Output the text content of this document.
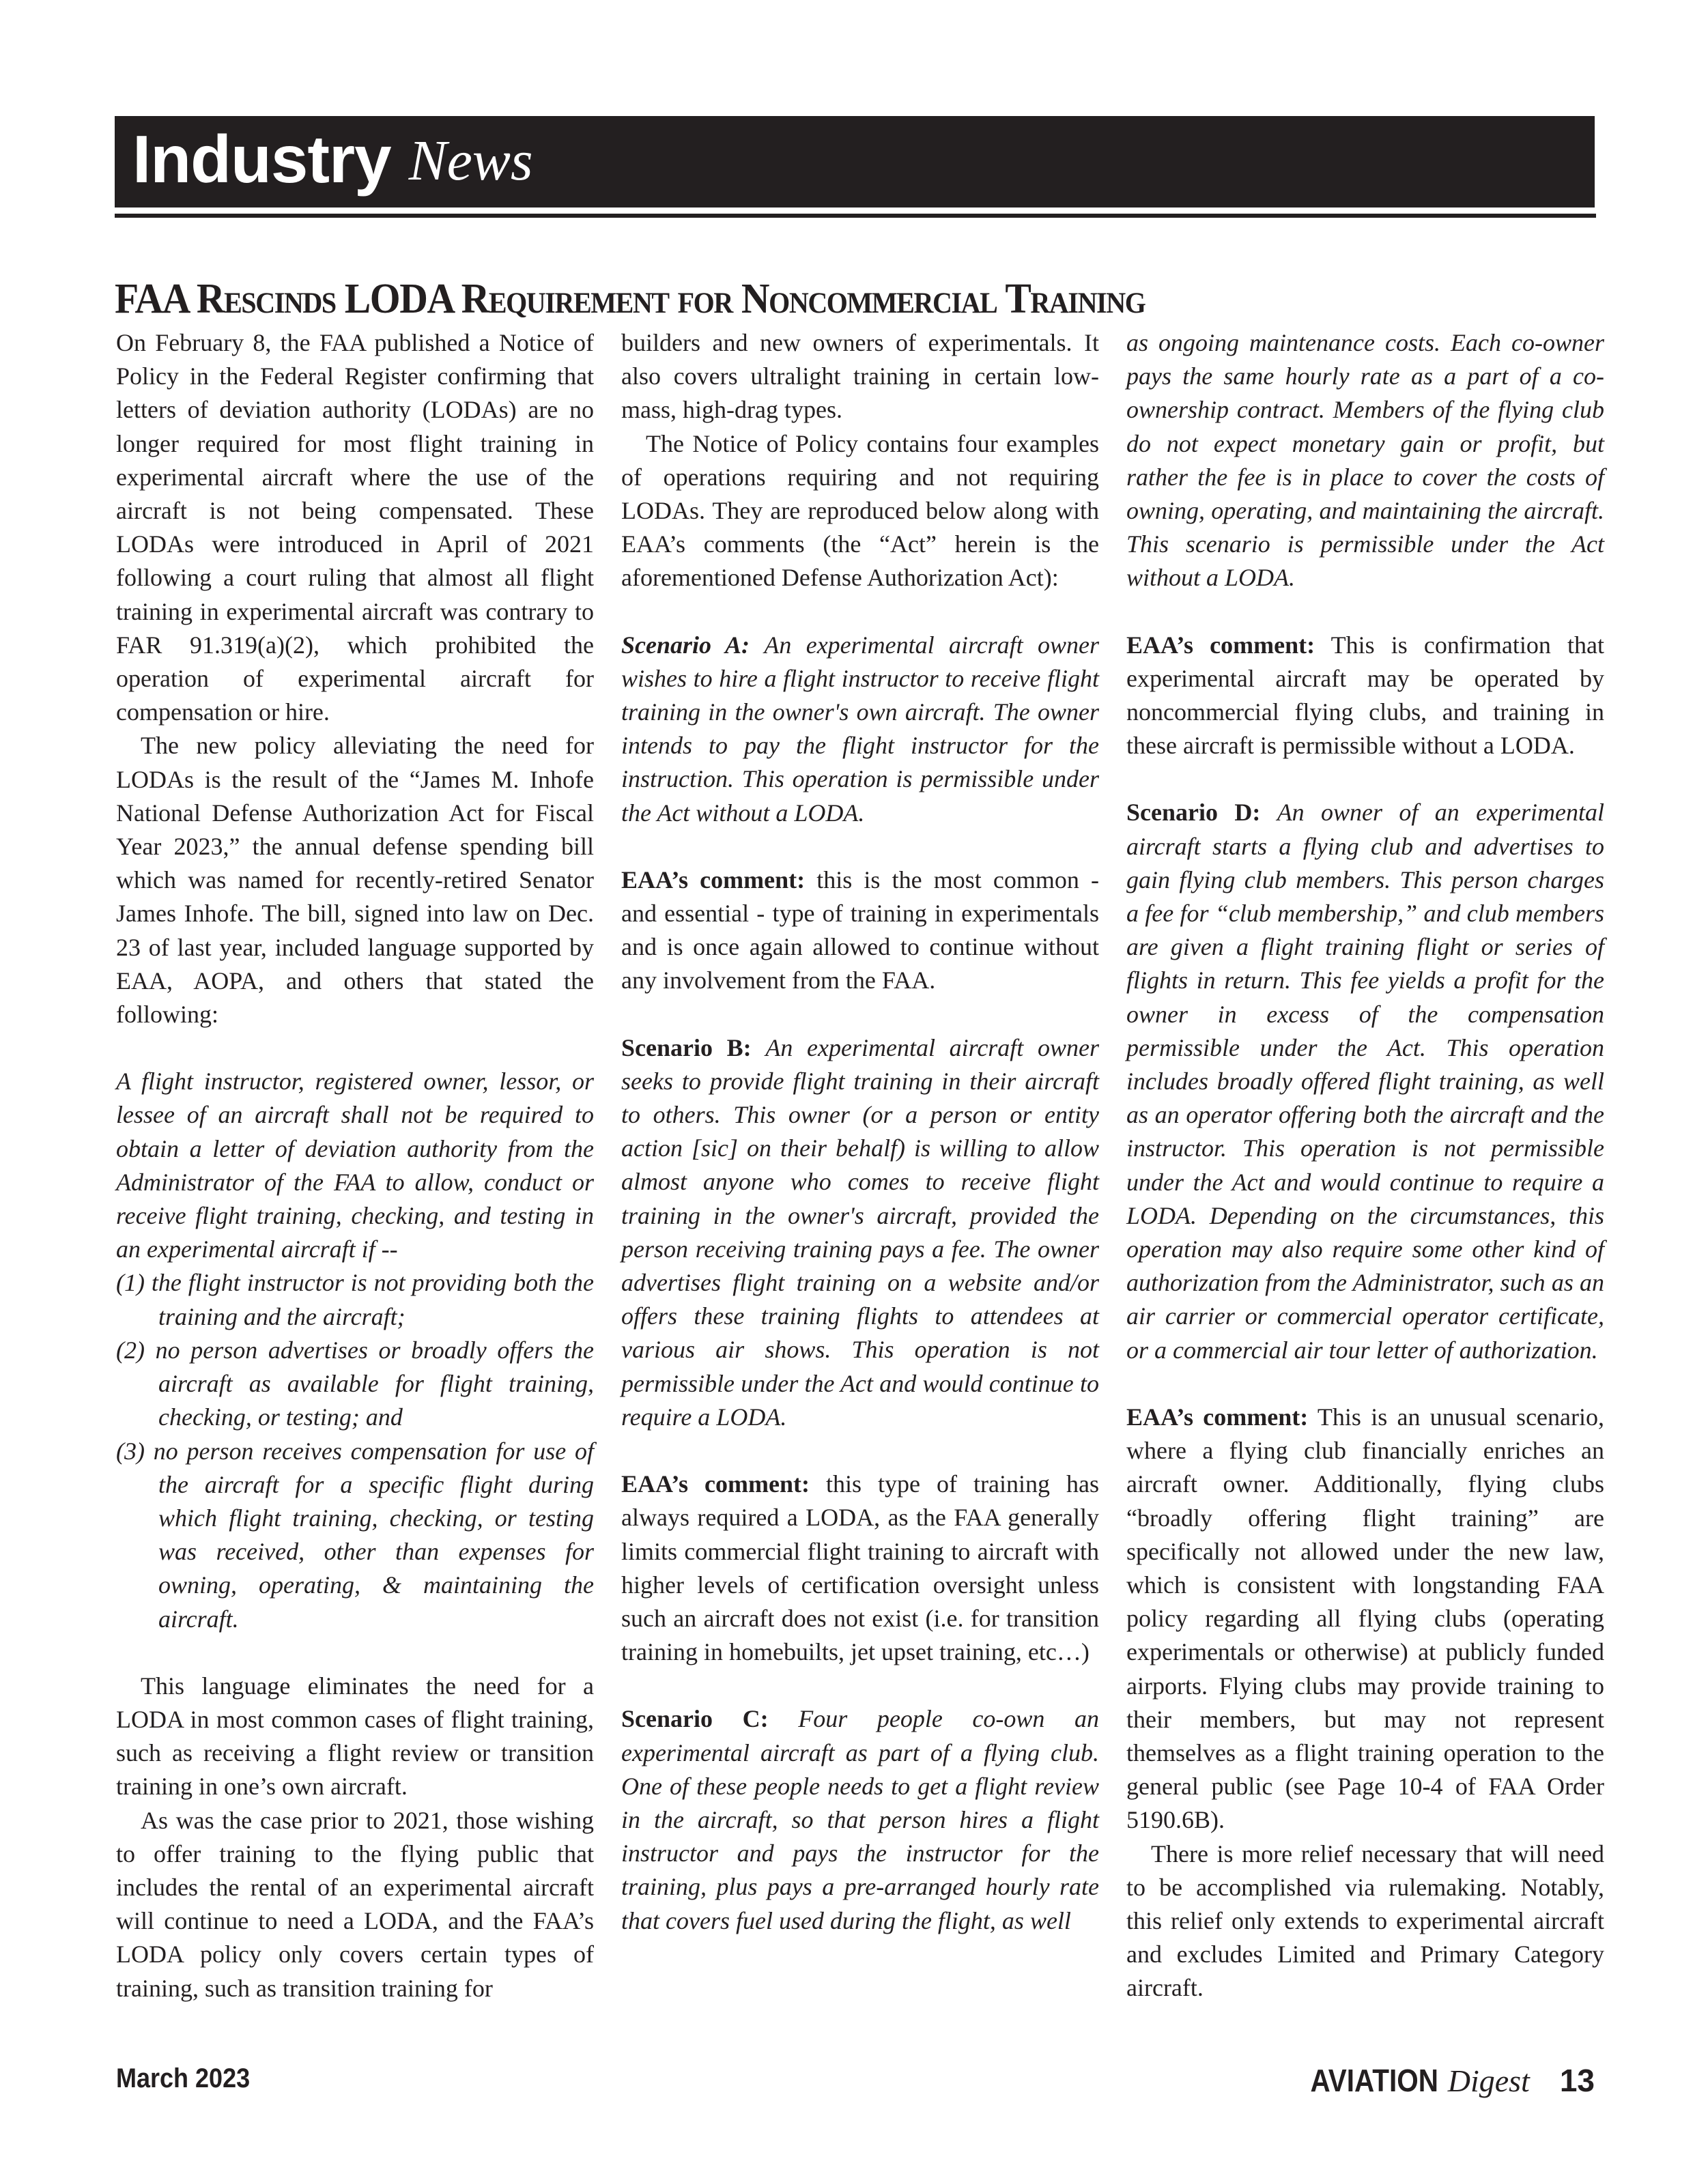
Industry News
FAA Rescinds LODA Requirement for Noncommercial Training

On February 8, the FAA published a Notice of Policy in the Federal Register confirming that letters of deviation authority (LODAs) are no longer required for most flight training in experimental aircraft where the use of the aircraft is not being compensated. These LODAs were introduced in April of 2021 following a court ruling that almost all flight training in experimental aircraft was contrary to FAR 91.319(a)(2), which prohibited the operation of experimental aircraft for compensation or hire.

The new policy alleviating the need for LODAs is the result of the “James M. Inhofe National Defense Authorization Act for Fiscal Year 2023,” the annual defense spending bill which was named for recently-retired Senator James Inhofe. The bill, signed into law on Dec. 23 of last year, included language supported by EAA, AOPA, and others that stated the following:

A flight instructor, registered owner, lessor, or lessee of an aircraft shall not be required to obtain a letter of deviation authority from the Administrator of the FAA to allow, conduct or receive flight training, checking, and testing in an experimental aircraft if --

(1) the flight instructor is not providing both the training and the aircraft;

(2) no person advertises or broadly offers the aircraft as available for flight training, checking, or testing; and

(3) no person receives compensation for use of the aircraft for a specific flight during which flight training, checking, or testing was received, other than expenses for owning, operating, & maintaining the aircraft.

This language eliminates the need for a LODA in most common cases of flight training, such as receiving a flight review or transition training in one’s own aircraft.

As was the case prior to 2021, those wishing to offer training to the flying public that includes the rental of an experimental aircraft will continue to need a LODA, and the FAA’s LODA policy only covers certain types of training, such as transition training for

builders and new owners of experimentals. It also covers ultralight training in certain low-mass, high-drag types.

The Notice of Policy contains four examples of operations requiring and not requiring LODAs. They are reproduced below along with EAA’s comments (the “Act” herein is the aforementioned Defense Authorization Act):

Scenario A: An experimental aircraft owner wishes to hire a flight instructor to receive flight training in the owner's own aircraft. The owner intends to pay the flight instructor for the instruction. This operation is permissible under the Act without a LODA.

EAA’s comment: this is the most common - and essential - type of training in experimentals and is once again allowed to continue without any involvement from the FAA.

Scenario B: An experimental aircraft owner seeks to provide flight training in their aircraft to others. This owner (or a person or entity action [sic] on their behalf) is willing to allow almost anyone who comes to receive flight training in the owner's aircraft, provided the person receiving training pays a fee. The owner advertises flight training on a website and/or offers these training flights to attendees at various air shows. This operation is not permissible under the Act and would continue to require a LODA.

EAA’s comment: this type of training has always required a LODA, as the FAA generally limits commercial flight training to aircraft with higher levels of certification oversight unless such an aircraft does not exist (i.e. for transition training in homebuilts, jet upset training, etc…)

Scenario C: Four people co-own an experimental aircraft as part of a flying club. One of these people needs to get a flight review in the aircraft, so that person hires a flight instructor and pays the instructor for the training, plus pays a pre-arranged hourly rate that covers fuel used during the flight, as well

as ongoing maintenance costs. Each co-owner pays the same hourly rate as a part of a co-ownership contract. Members of the flying club do not expect monetary gain or profit, but rather the fee is in place to cover the costs of owning, operating, and maintaining the aircraft. This scenario is permissible under the Act without a LODA.

EAA’s comment: This is confirmation that experimental aircraft may be operated by noncommercial flying clubs, and training in these aircraft is permissible without a LODA.

Scenario D: An owner of an experimental aircraft starts a flying club and advertises to gain flying club members. This person charges a fee for “club membership,” and club members are given a flight training flight or series of flights in return. This fee yields a profit for the owner in excess of the compensation permissible under the Act. This operation includes broadly offered flight training, as well as an operator offering both the aircraft and the instructor. This operation is not permissible under the Act and would continue to require a LODA. Depending on the circumstances, this operation may also require some other kind of authorization from the Administrator, such as an air carrier or commercial operator certificate, or a commercial air tour letter of authorization.

EAA’s comment: This is an unusual scenario, where a flying club financially enriches an aircraft owner. Additionally, flying clubs “broadly offering flight training” are specifically not allowed under the new law, which is consistent with longstanding FAA policy regarding all flying clubs (operating experimentals or otherwise) at publicly funded airports. Flying clubs may provide training to their members, but may not represent themselves as a flight training operation to the general public (see Page 10-4 of FAA Order 5190.6B).

There is more relief necessary that will need to be accomplished via rulemaking. Notably, this relief only extends to experimental aircraft and excludes Limited and Primary Category aircraft.

March 2023	AVIATION Digest 13
